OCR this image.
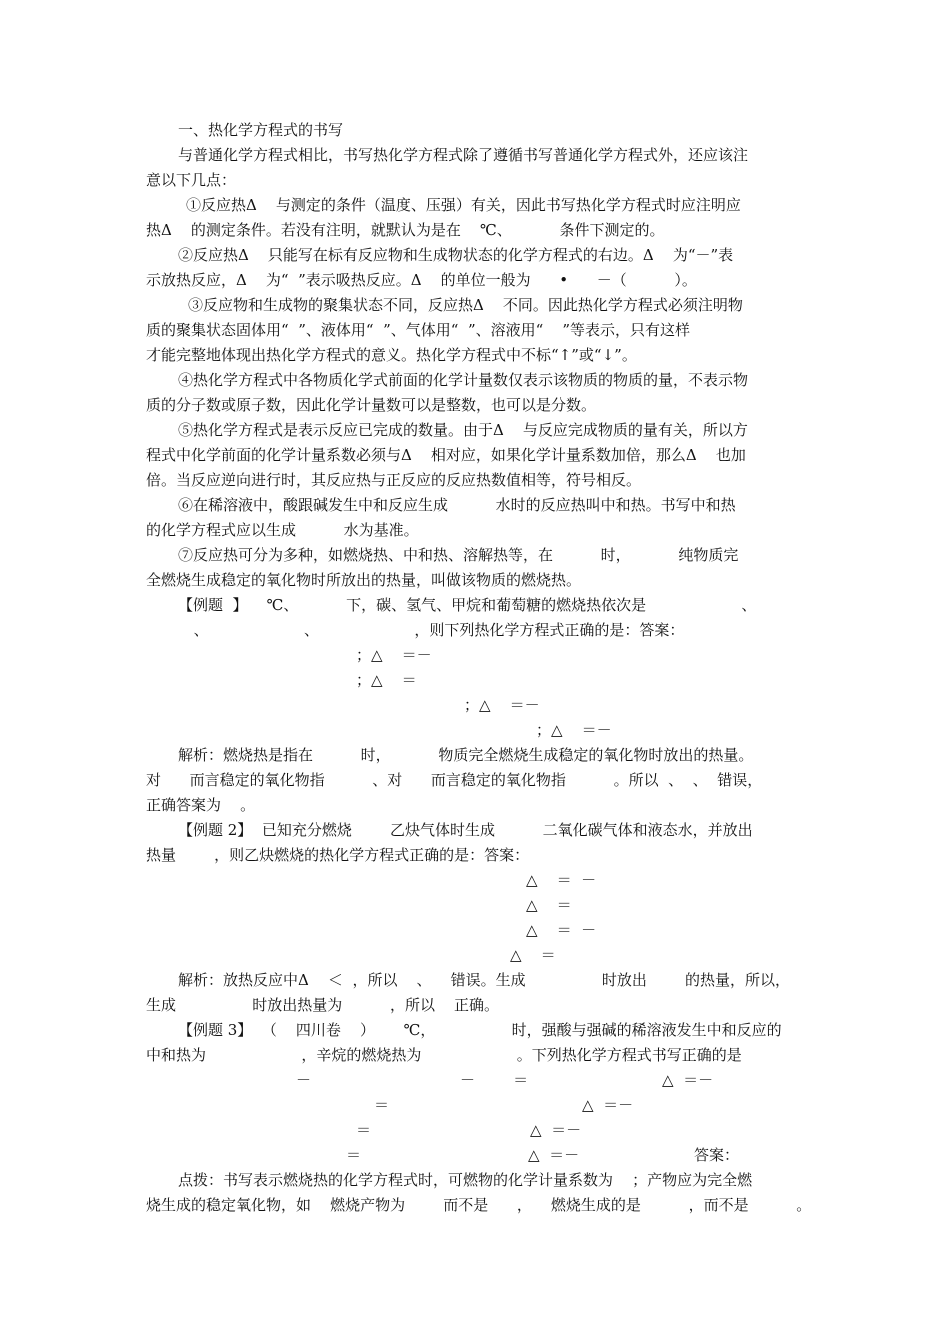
一、热化学方程式的书写
与普通化学方程式相比，书写热化学方程式除了遵循书写普通化学方程式外，还应该注
意以下几点：
①反应热Δ    与测定的条件（温度、压强）有关，因此书写热化学方程式时应注明应
热Δ    的测定条件。若没有注明，就默认为是在    ℃、          条件下测定的。
②反应热Δ    只能写在标有反应物和生成物状态的化学方程式的右边。Δ    为“－”表
示放热反应，Δ    为“  ”表示吸热反应。Δ    的单位一般为      •      －（          ）。
③反应物和生成物的聚集状态不同，反应热Δ    不同。因此热化学方程式必须注明物
质的聚集状态固体用“  ”、液体用“  ”、气体用“  ”、溶液用“    ”等表示，只有这样
才能完整地体现出热化学方程式的意义。热化学方程式中不标“↑”或“↓”。
④热化学方程式中各物质化学式前面的化学计量数仅表示该物质的物质的量，不表示物
质的分子数或原子数，因此化学计量数可以是整数，也可以是分数。
⑤热化学方程式是表示反应已完成的数量。由于Δ    与反应完成物质的量有关，所以方
程式中化学前面的化学计量系数必须与Δ    相对应，如果化学计量系数加倍，那么Δ    也加
倍。当反应逆向进行时，其反应热与正反应的反应热数值相等，符号相反。
⑥在稀溶液中，酸跟碱发生中和反应生成          水时的反应热叫中和热。书写中和热
的化学方程式应以生成          水为基准。
⑦反应热可分为多种，如燃烧热、中和热、溶解热等，在          时，          纯物质完
全燃烧生成稳定的氧化物时所放出的热量，叫做该物质的燃烧热。
【例题  】    ℃、          下，碳、氢气、甲烷和葡萄糖的燃烧热依次是                    、
、                    、                    ，则下列热化学方程式正确的是：答案：
；△    ＝－
；△    ＝
；△    ＝－
；△    ＝－
解析：燃烧热是指在          时，          物质完全燃烧生成稳定的氧化物时放出的热量。
对      而言稳定的氧化物指          、对      而言稳定的氧化物指          。所以  、  、  错误，
正确答案为    。
【例题 2】  已知充分燃烧        乙炔气体时生成          二氧化碳气体和液态水，并放出
热量        ，则乙炔燃烧的热化学方程式正确的是：答案：
△    ＝  －
△    ＝
△    ＝  －
△    ＝
解析：放热反应中Δ    ＜  ，所以    、    错误。生成                时放出        的热量，所以，
生成                时放出热量为          ，所以    正确。
【例题 3】  （    四川卷    ）      ℃，                时，强酸与强碱的稀溶液发生中和反应的
中和热为                    ，辛烷的燃烧热为                    。下列热化学方程式书写正确的是
－	－        ＝	△  ＝－
＝	△  ＝－
＝	△  ＝－
＝	△  ＝－	答案：
点拨：书写表示燃烧热的化学方程式时，可燃物的化学计量系数为    ；产物应为完全燃
烧生成的稳定氧化物，如    燃烧产物为        而不是      ，    燃烧生成的是          ，而不是          。
